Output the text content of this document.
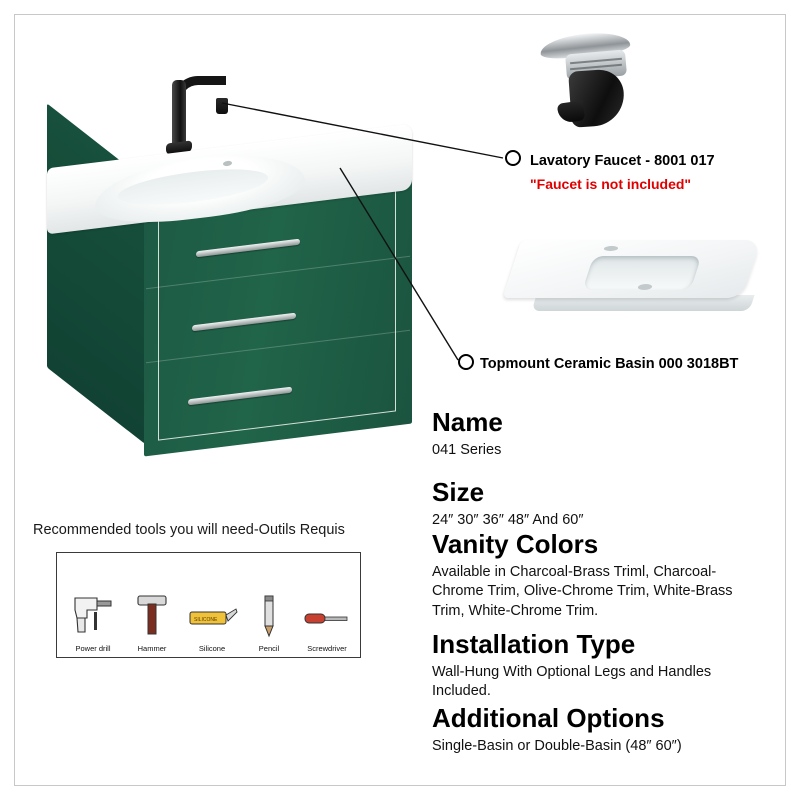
Lavatory Faucet - 8001 017
"Faucet is not included"
Topmount Ceramic Basin 000 3018BT
Recommended tools you will need-Outils Requis
Power drill	Hammer
SILICONE
Silicone	Pencil	Screwdriver
Name

041 Series

Size

24″ 30″ 36″ 48″ And 60″

Vanity Colors

Available in Charcoal-Brass Triml, Charcoal-Chrome Trim, Olive-Chrome Trim, White-Brass Trim, White-Chrome Trim.

Installation Type

Wall-Hung With Optional Legs and Handles Included.

Additional Options

Single-Basin or Double-Basin (48″ 60″)
